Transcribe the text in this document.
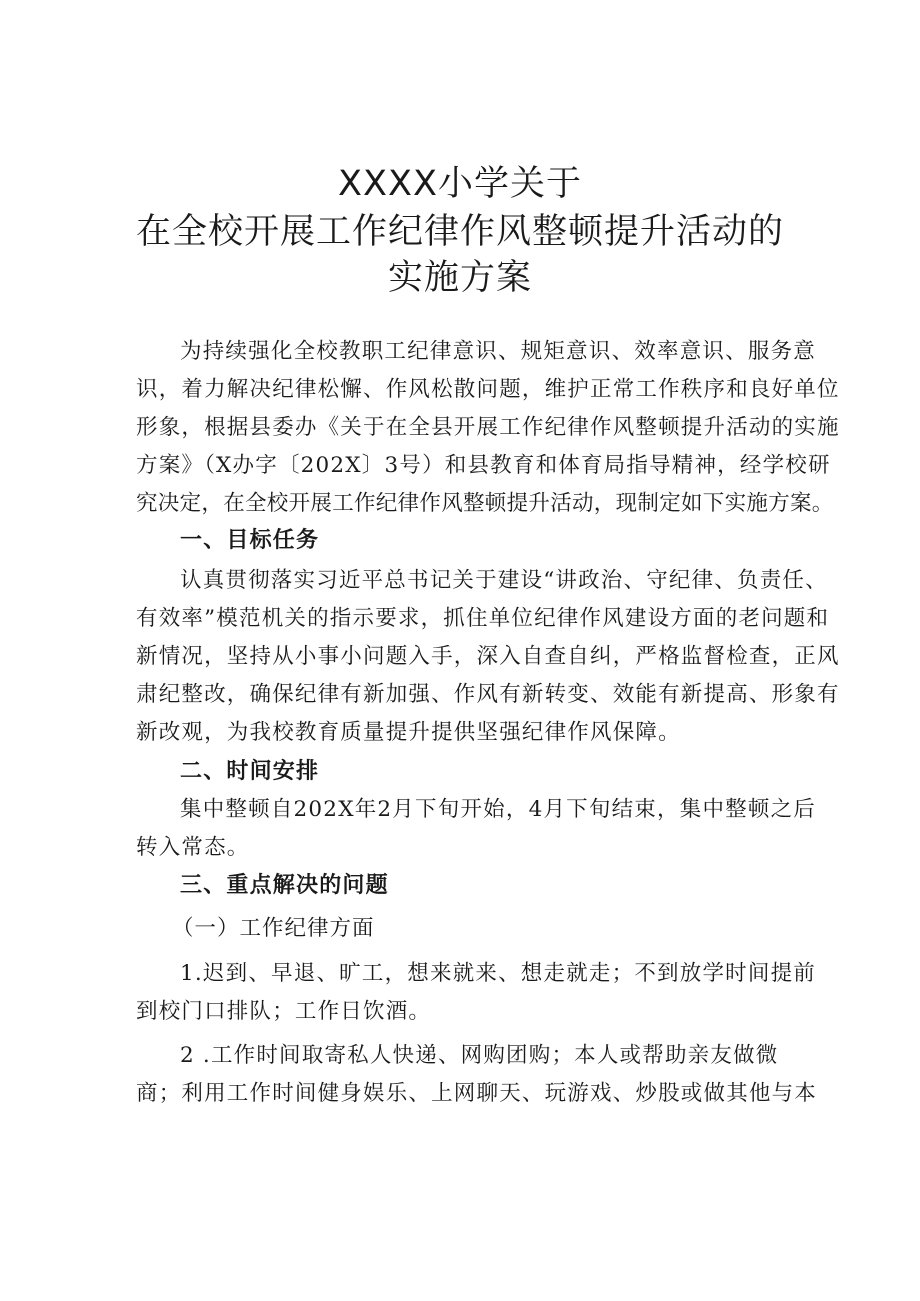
XXXX小学关于
在全校开展工作纪律作风整顿提升活动的
实施方案
为持续强化全校教职工纪律意识、规矩意识、效率意识、服务意
识，着力解决纪律松懈、作风松散问题，维护正常工作秩序和良好单位
形象，根据县委办《关于在全县开展工作纪律作风整顿提升活动的实施
方案》（X办字〔202X〕3号）和县教育和体育局指导精神，经学校研
究决定，在全校开展工作纪律作风整顿提升活动，现制定如下实施方案。
一、目标任务
认真贯彻落实习近平总书记关于建设“讲政治、守纪律、负责任、
有效率”模范机关的指示要求，抓住单位纪律作风建设方面的老问题和
新情况，坚持从小事小问题入手，深入自查自纠，严格监督检查，正风
肃纪整改，确保纪律有新加强、作风有新转变、效能有新提高、形象有
新改观，为我校教育质量提升提供坚强纪律作风保障。
二、时间安排
集中整顿自202X年2月下旬开始，4月下旬结束，集中整顿之后
转入常态。
三、重点解决的问题
（一）工作纪律方面
1.迟到、早退、旷工，想来就来、想走就走；不到放学时间提前
到校门口排队；工作日饮酒。
2 .工作时间取寄私人快递、网购团购；本人或帮助亲友做微
商；利用工作时间健身娱乐、上网聊天、玩游戏、炒股或做其他与本
